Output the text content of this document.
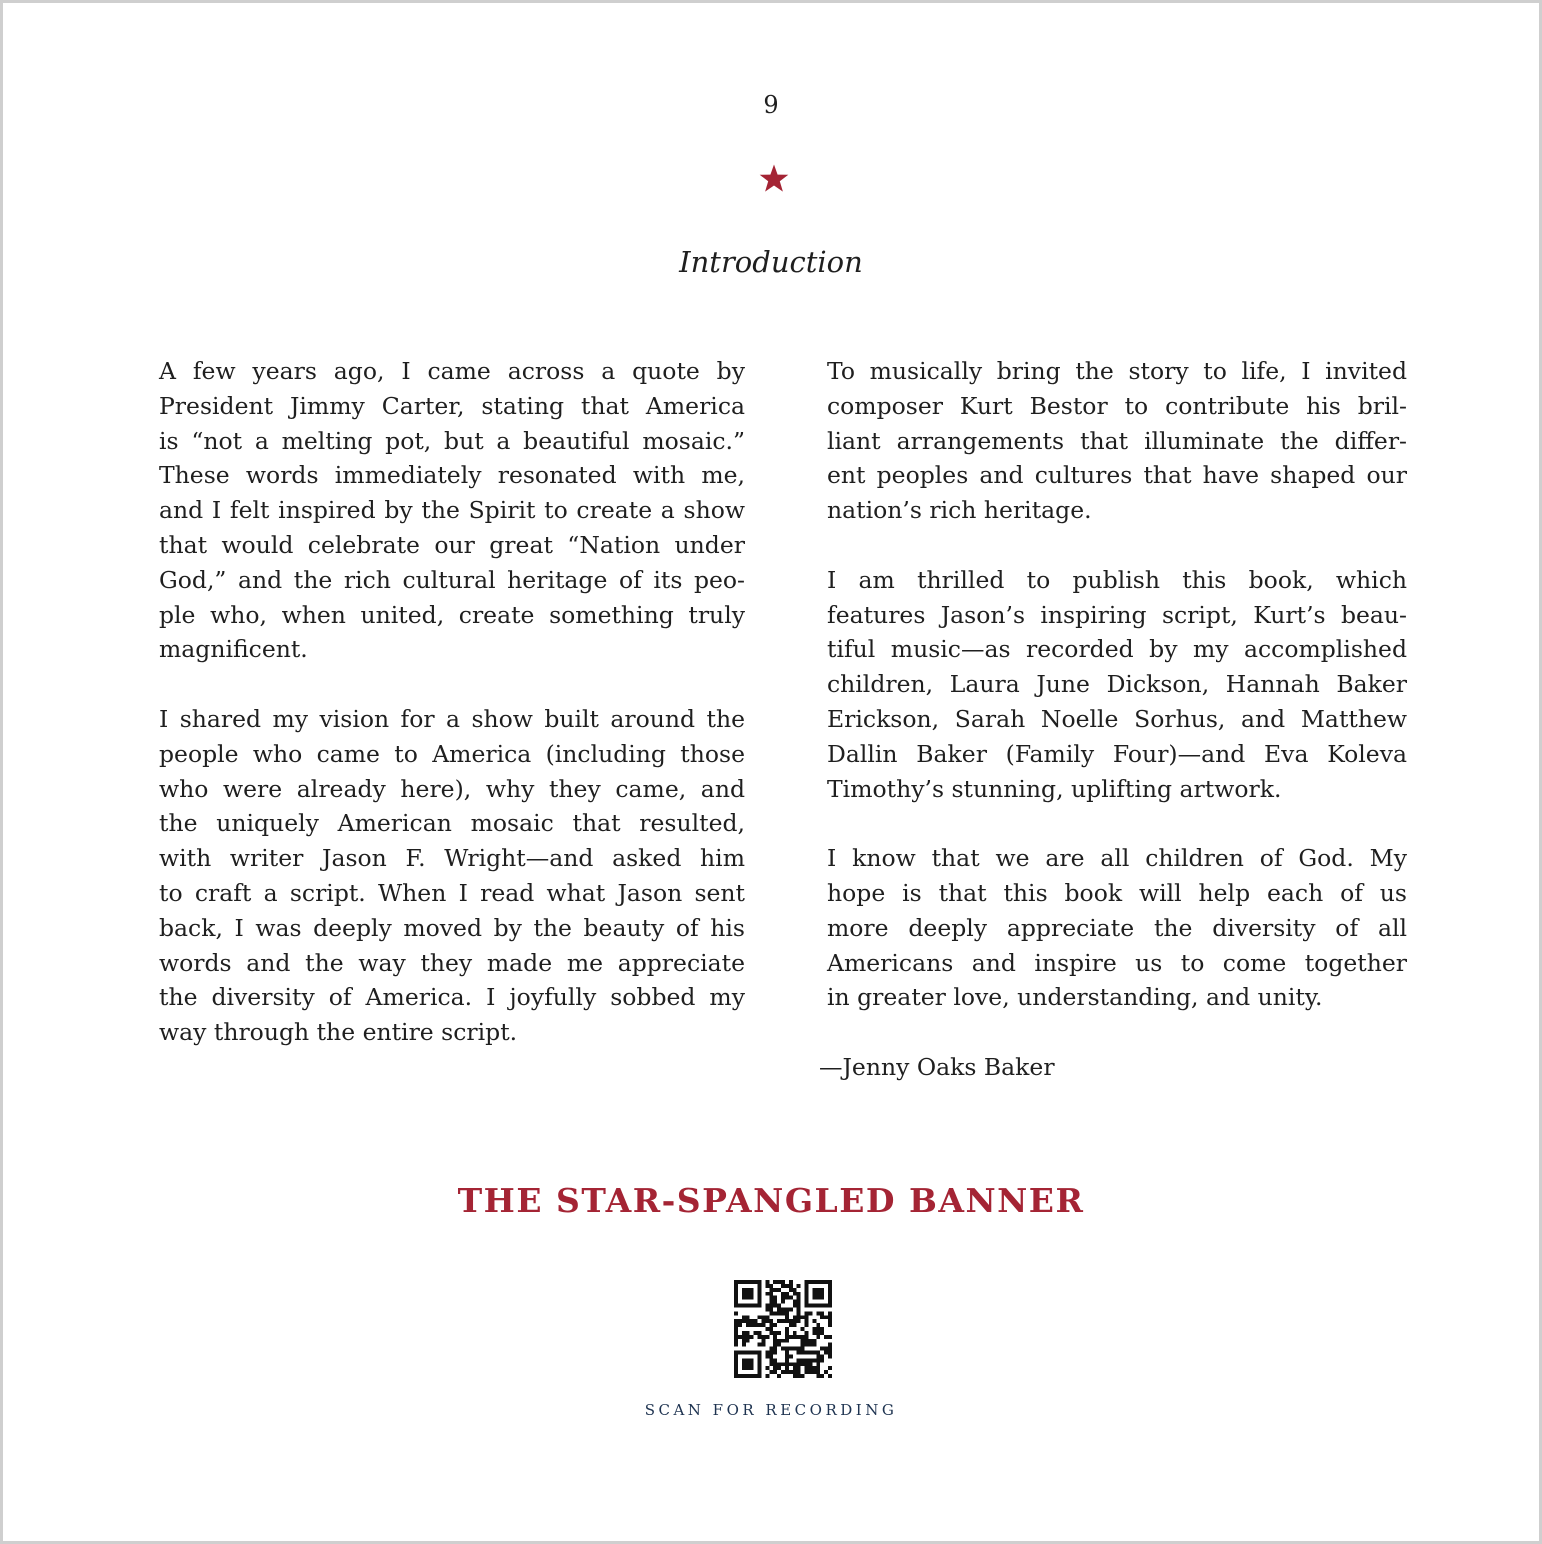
9
Introduction
A few years ago, I came across a quote by
President Jimmy Carter, stating that America
is “not a melting pot, but a beautiful mosaic.”
These words immediately resonated with me,
and I felt inspired by the Spirit to create a show
that would celebrate our great “Nation under
God,” and the rich cultural heritage of its peo-
ple who, when united, create something truly
magnificent.
I shared my vision for a show built around the
people who came to America (including those
who were already here), why they came, and
the uniquely American mosaic that resulted,
with writer Jason F. Wright—and asked him
to craft a script. When I read what Jason sent
back, I was deeply moved by the beauty of his
words and the way they made me appreciate
the diversity of America. I joyfully sobbed my
way through the entire script.
To musically bring the story to life, I invited
composer Kurt Bestor to contribute his bril-
liant arrangements that illuminate the differ-
ent peoples and cultures that have shaped our
nation’s rich heritage.
I am thrilled to publish this book, which
features Jason’s inspiring script, Kurt’s beau-
tiful music—as recorded by my accomplished
children, Laura June Dickson, Hannah Baker
Erickson, Sarah Noelle Sorhus, and Matthew
Dallin Baker (Family Four)—and Eva Koleva
Timothy’s stunning, uplifting artwork.
I know that we are all children of God. My
hope is that this book will help each of us
more deeply appreciate the diversity of all
Americans and inspire us to come together
in greater love, understanding, and unity.
—Jenny Oaks Baker
THE STAR-SPANGLED BANNER
SCAN FOR RECORDING
